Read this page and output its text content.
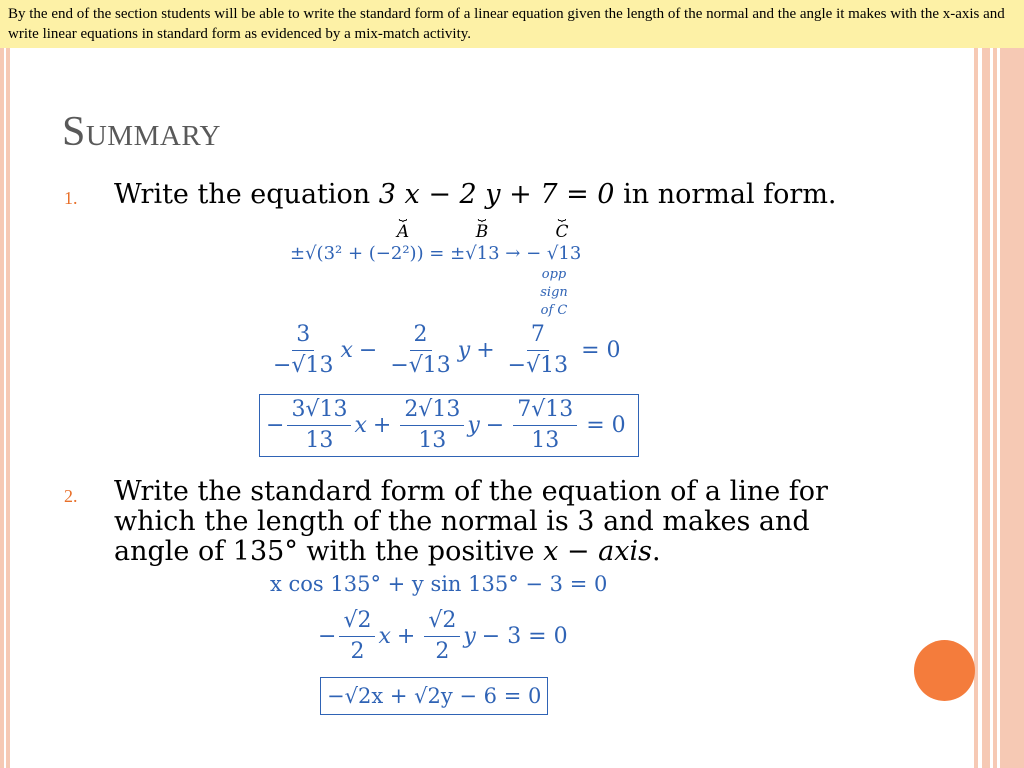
By the end of the section students will be able to write the standard form of a linear equation given the length of the normal and the angle it makes with the x-axis and write linear equations in standard form as evidenced by a mix-match activity.
Summary
1. Write the equation 3 x − 2 y + 7 = 0 in normal form.
⏟	⏟	⏟
A	B	C
±√(3² + (−2²)) = ±√13 → − √13
opp
sign
of C
$\frac{3}{-√13}$ $x - \frac{2}{-√13}$ $y + \frac{7}{-√13} = 0$
− $\frac{3√13}{13}$ $x + \frac{2√13}{13}$ $y - \frac{7√13}{13} = 0$
2. Write the standard form of the equation of a line for
which the length of the normal is 3 and makes and
angle of 135° with the positive x − axis.
x cos 135° + y sin 135° − 3 = 0
− $\frac{√2}{2}$ $x + \frac{√2}{2}$ y − 3 = 0
−√2x + √2y − 6 = 0
